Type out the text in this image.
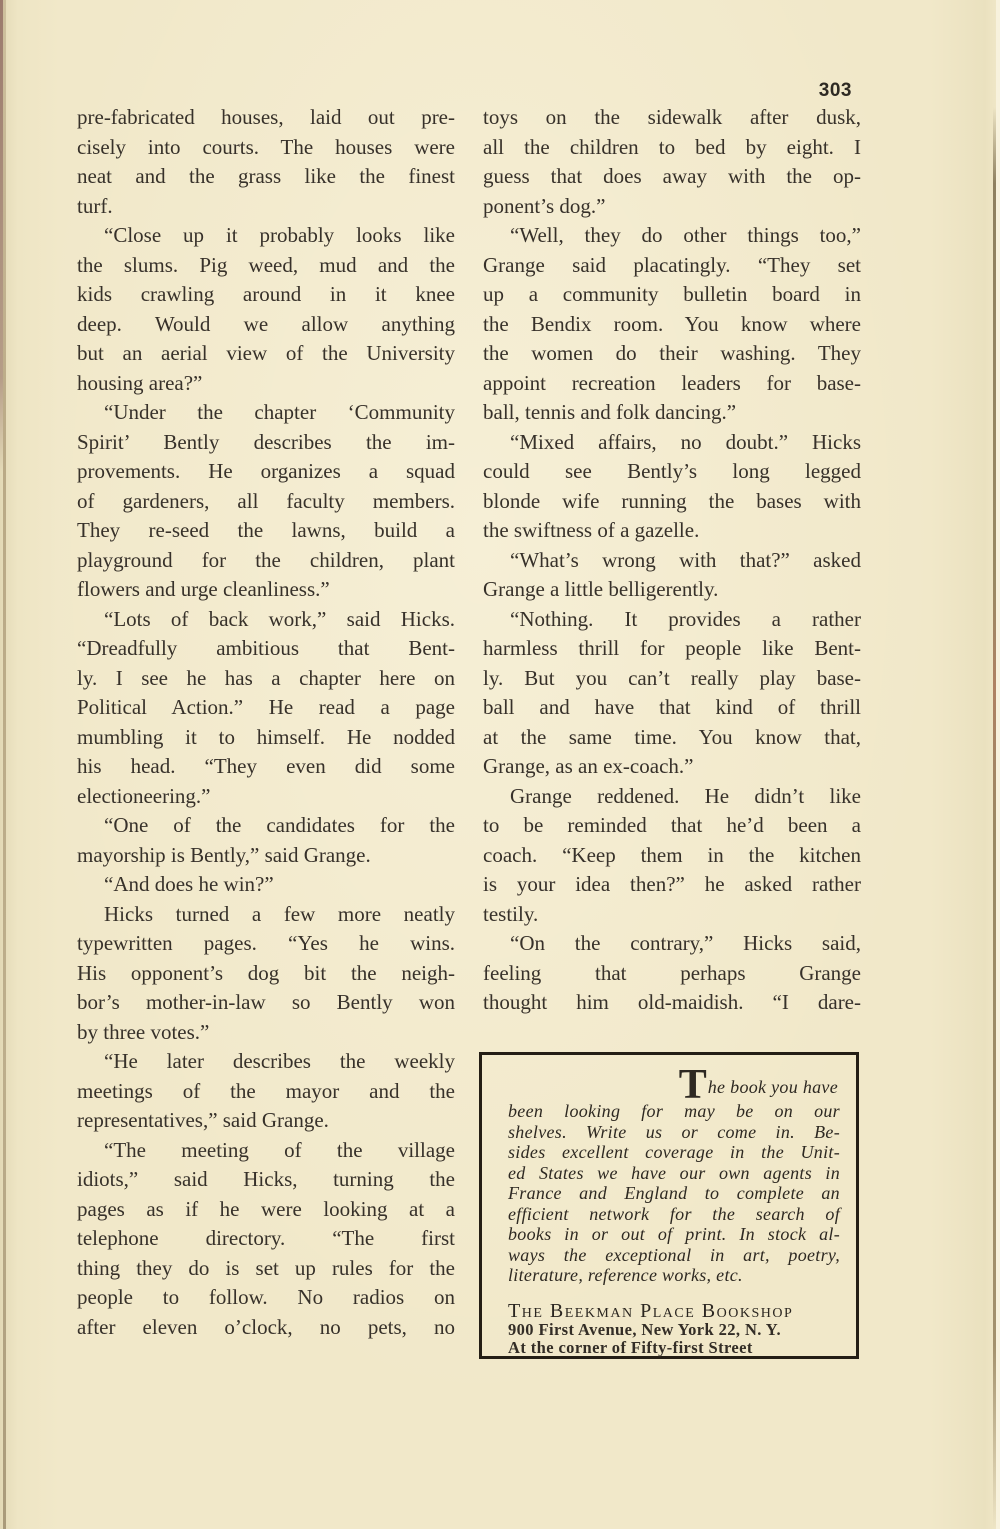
303
pre-fabricated houses, laid out pre-
cisely into courts. The houses were
neat and the grass like the finest
turf.
“Close up it probably looks like
the slums. Pig weed, mud and the
kids crawling around in it knee
deep. Would we allow anything
but an aerial view of the University
housing area?”
“Under the chapter ‘Community
Spirit’ Bently describes the im-
provements. He organizes a squad
of gardeners, all faculty members.
They re-seed the lawns, build a
playground for the children, plant
flowers and urge cleanliness.”
“Lots of back work,” said Hicks.
“Dreadfully ambitious that Bent-
ly. I see he has a chapter here on
Political Action.” He read a page
mumbling it to himself. He nodded
his head. “They even did some
electioneering.”
“One of the candidates for the
mayorship is Bently,” said Grange.
“And does he win?”
Hicks turned a few more neatly
typewritten pages. “Yes he wins.
His opponent’s dog bit the neigh-
bor’s mother-in-law so Bently won
by three votes.”
“He later describes the weekly
meetings of the mayor and the
representatives,” said Grange.
“The meeting of the village
idiots,” said Hicks, turning the
pages as if he were looking at a
telephone directory. “The first
thing they do is set up rules for the
people to follow. No radios on
after eleven o’clock, no pets, no
toys on the sidewalk after dusk,
all the children to bed by eight. I
guess that does away with the op-
ponent’s dog.”
“Well, they do other things too,”
Grange said placatingly. “They set
up a community bulletin board in
the Bendix room. You know where
the women do their washing. They
appoint recreation leaders for base-
ball, tennis and folk dancing.”
“Mixed affairs, no doubt.” Hicks
could see Bently’s long legged
blonde wife running the bases with
the swiftness of a gazelle.
“What’s wrong with that?” asked
Grange a little belligerently.
“Nothing. It provides a rather
harmless thrill for people like Bent-
ly. But you can’t really play base-
ball and have that kind of thrill
at the same time. You know that,
Grange, as an ex-coach.”
Grange reddened. He didn’t like
to be reminded that he’d been a
coach. “Keep them in the kitchen
is your idea then?” he asked rather
testily.
“On the contrary,” Hicks said,
feeling that perhaps Grange
thought him old-maidish. “I dare-
The book you have
been looking for may be on our
shelves. Write us or come in. Be-
sides excellent coverage in the Unit-
ed States we have our own agents in
France and England to complete an
efficient network for the search of
books in or out of print. In stock al-
ways the exceptional in art, poetry,
literature, reference works, etc.
The Beekman Place Bookshop
900 First Avenue, New York 22, N. Y.
At the corner of Fifty-first Street
